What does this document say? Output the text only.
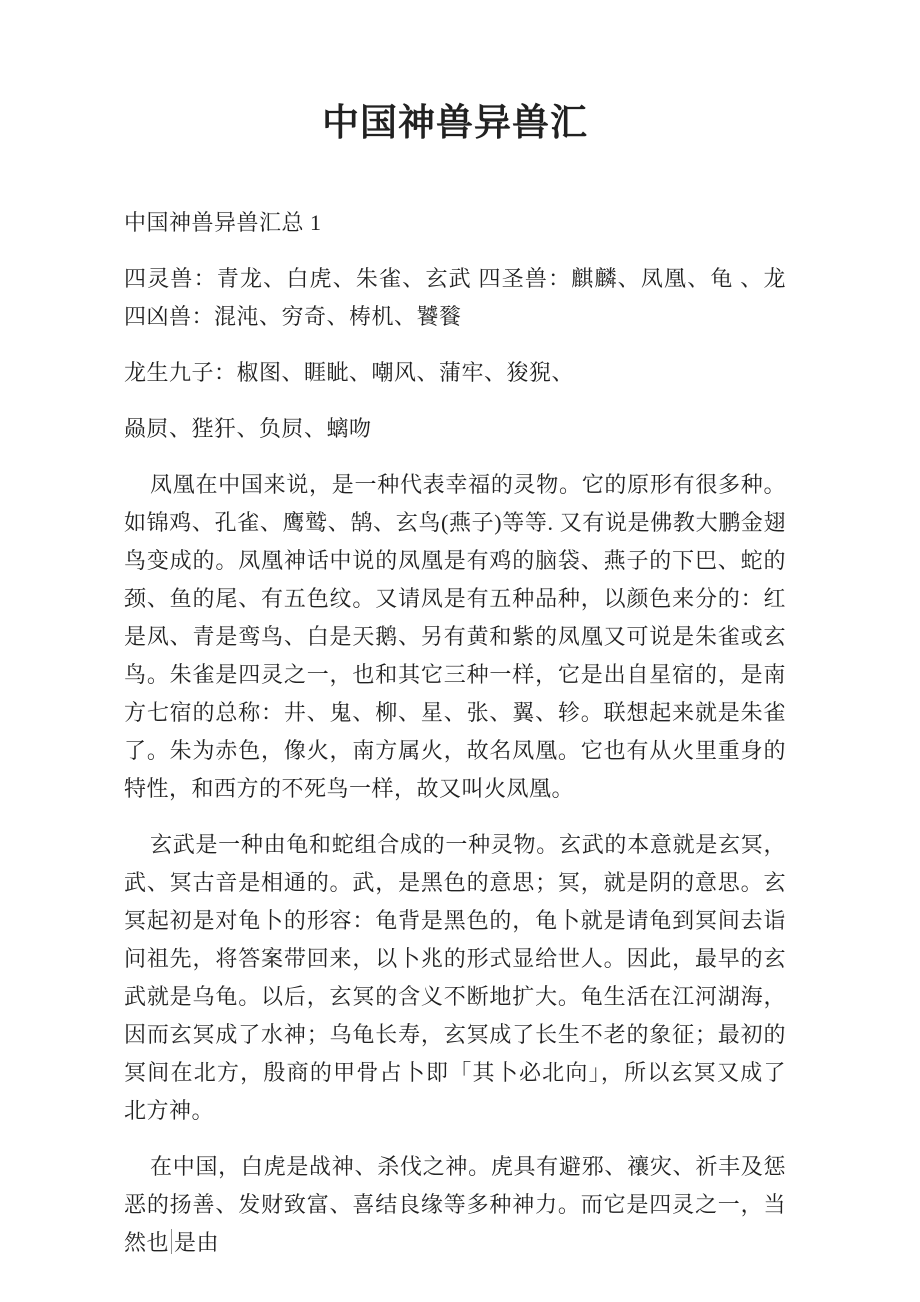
中国神兽异兽汇

中国神兽异兽汇总 1

四灵兽：青龙、白虎、朱雀、玄武 四圣兽：麒麟、凤凰、龟 、龙 四凶兽：混沌、穷奇、梼机、饕餮

龙生九子：椒图、睚眦、嘲风、蒲牢、狻猊、

赑屃、狴犴、负屃、螭吻

凤凰在中国来说，是一种代表幸福的灵物。它的原形有很多种。如锦鸡、孔雀、鹰鹫、鹄、玄鸟(燕子)等等. 又有说是佛教大鹏金翅鸟变成的。凤凰神话中说的凤凰是有鸡的脑袋、燕子的下巴、蛇的颈、鱼的尾、有五色纹。又请凤是有五种品种，以颜色来分的：红是凤、青是鸾鸟、白是天鹅、另有黄和紫的凤凰又可说是朱雀或玄鸟。朱雀是四灵之一，也和其它三种一样，它是出自星宿的，是南方七宿的总称：井、鬼、柳、星、张、翼、轸。联想起来就是朱雀了。朱为赤色，像火，南方属火，故名凤凰。它也有从火里重身的特性，和西方的不死鸟一样，故又叫火凤凰。

玄武是一种由龟和蛇组合成的一种灵物。玄武的本意就是玄冥，武、冥古音是相通的。武，是黑色的意思；冥，就是阴的意思。玄冥起初是对龟卜的形容：龟背是黑色的，龟卜就是请龟到冥间去诣问祖先，将答案带回来，以卜兆的形式显给世人。因此，最早的玄武就是乌龟。以后，玄冥的含义不断地扩大。龟生活在江河湖海，因而玄冥成了水神；乌龟长寿，玄冥成了长生不老的象征；最初的冥间在北方，殷商的甲骨占卜即「其卜必北向」，所以玄冥又成了北方神。

在中国，白虎是战神、杀伐之神。虎具有避邪、禳灾、祈丰及惩恶的扬善、发财致富、喜结良缘等多种神力。而它是四灵之一，当然也 是由
